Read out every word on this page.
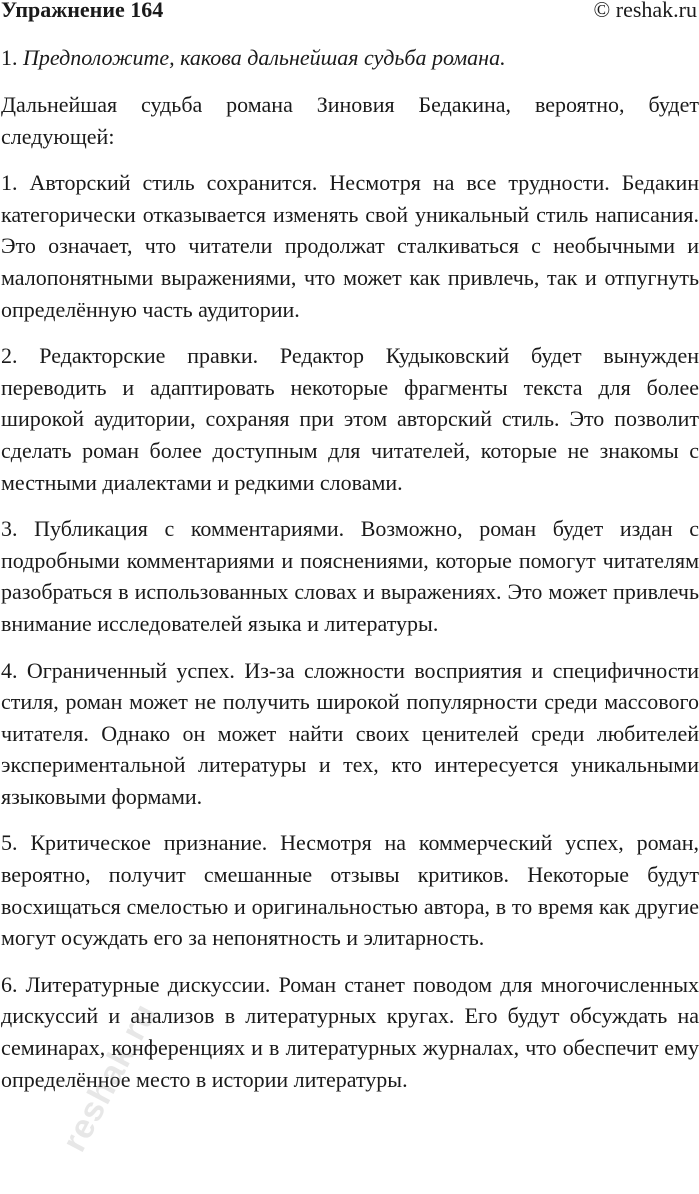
Упражнение 164	© reshak.ru

1. Предположите, какова дальнейшая судьба романа.

Дальнейшая судьба романа Зиновия Бедакина, вероятно, будет следующей:

1. Авторский стиль сохранится. Несмотря на все трудности. Бедакин категорически отказывается изменять свой уникальный стиль написания. Это означает, что читатели продолжат сталкиваться с необычными и малопонятными выражениями, что может как привлечь, так и отпугнуть определённую часть аудитории.

2. Редакторские правки. Редактор Кудыковский будет вынужден переводить и адаптировать некоторые фрагменты текста для более широкой аудитории, сохраняя при этом авторский стиль. Это позволит сделать роман более доступным для читателей, которые не знакомы с местными диалектами и редкими словами.

3. Публикация с комментариями. Возможно, роман будет издан с подробными комментариями и пояснениями, которые помогут читателям разобраться в использованных словах и выражениях. Это может привлечь внимание исследователей языка и литературы.

4. Ограниченный успех. Из-за сложности восприятия и специфичности стиля, роман может не получить широкой популярности среди массового читателя. Однако он может найти своих ценителей среди любителей экспериментальной литературы и тех, кто интересуется уникальными языковыми формами.

5. Критическое признание. Несмотря на коммерческий успех, роман, вероятно, получит смешанные отзывы критиков. Некоторые будут восхищаться смелостью и оригинальностью автора, в то время как другие могут осуждать его за непонятность и элитарность.

6. Литературные дискуссии. Роман станет поводом для многочисленных дискуссий и анализов в литературных кругах. Его будут обсуждать на семинарах, конференциях и в литературных журналах, что обеспечит ему определённое место в истории литературы.

reshak.ru
